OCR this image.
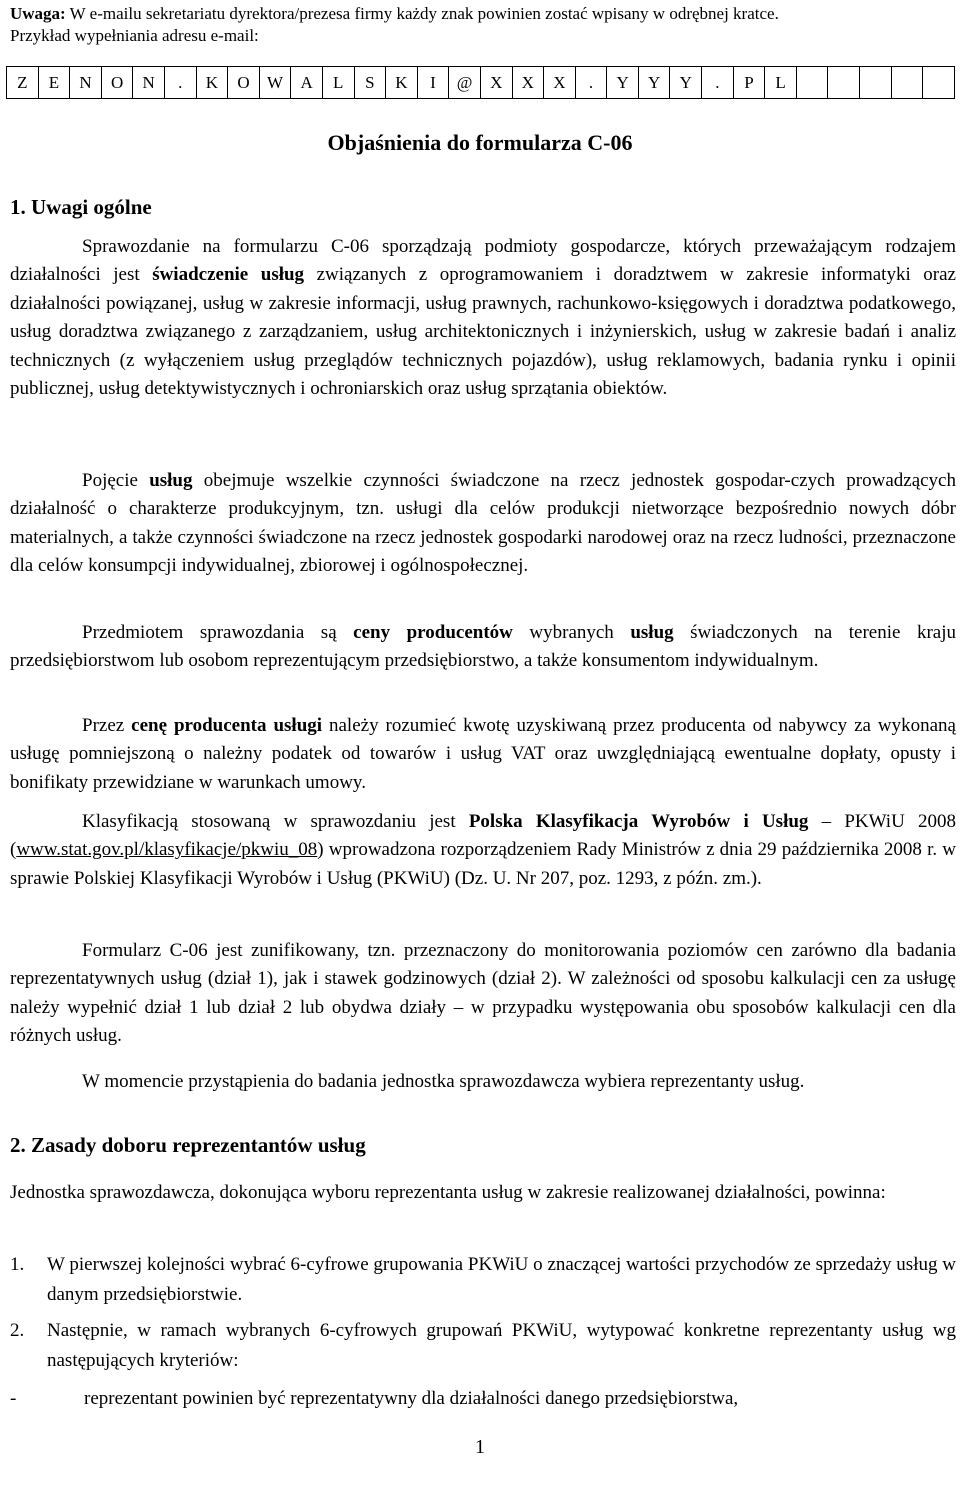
Uwaga: W e-mailu sekretariatu dyrektora/prezesa firmy każdy znak powinien zostać wpisany w odrębnej kratce.
Przykład wypełniania adresu e-mail:
Z	E	N	O	N	.	K	O	W	A	L	S	K	I	@	X	X	X	.	Y	Y	Y	.	P	L					
Objaśnienia do formularza C-06
1. Uwagi ogólne

Sprawozdanie na formularzu C-06 sporządzają podmioty gospodarcze, których przeważającym rodzajem działalności jest świadczenie usług związanych z oprogramowaniem i doradztwem w zakresie informatyki oraz działalności powiązanej, usług w zakresie informacji, usług prawnych, rachunkowo-księgowych i doradztwa podatkowego, usług doradztwa związanego z zarządzaniem, usług architektonicznych i inżynierskich, usług w zakresie badań i analiz technicznych (z wyłączeniem usług przeglądów technicznych pojazdów), usług reklamowych, badania rynku i opinii publicznej, usług detektywistycznych i ochroniarskich oraz usług sprzątania obiektów.

Pojęcie usług obejmuje wszelkie czynności świadczone na rzecz jednostek gospodar-czych prowadzących działalność o charakterze produkcyjnym, tzn. usługi dla celów produkcji nietworzące bezpośrednio nowych dóbr materialnych, a także czynności świadczone na rzecz jednostek gospodarki narodowej oraz na rzecz ludności, przeznaczone dla celów konsumpcji indywidualnej, zbiorowej i ogólnospołecznej.

Przedmiotem sprawozdania są ceny producentów wybranych usług świadczonych na terenie kraju przedsiębiorstwom lub osobom reprezentującym przedsiębiorstwo, a także konsumentom indywidualnym.

Przez cenę producenta usługi należy rozumieć kwotę uzyskiwaną przez producenta od nabywcy za wykonaną usługę pomniejszoną o należny podatek od towarów i usług VAT oraz uwzględniającą ewentualne dopłaty, opusty i bonifikaty przewidziane w warunkach umowy.

Klasyfikacją stosowaną w sprawozdaniu jest Polska Klasyfikacja Wyrobów i Usług – PKWiU 2008 (www.stat.gov.pl/klasyfikacje/pkwiu_08) wprowadzona rozporządzeniem Rady Ministrów z dnia 29 października 2008 r. w sprawie Polskiej Klasyfikacji Wyrobów i Usług (PKWiU) (Dz. U. Nr 207, poz. 1293, z późn. zm.).

Formularz C-06 jest zunifikowany, tzn. przeznaczony do monitorowania poziomów cen zarówno dla badania reprezentatywnych usług (dział 1), jak i stawek godzinowych (dział 2). W zależności od sposobu kalkulacji cen za usługę należy wypełnić dział 1 lub dział 2 lub obydwa działy – w przypadku występowania obu sposobów kalkulacji cen dla różnych usług.

W momencie przystąpienia do badania jednostka sprawozdawcza wybiera reprezentanty usług.

2. Zasady doboru reprezentantów usług

Jednostka sprawozdawcza, dokonująca wyboru reprezentanta usług w zakresie realizowanej działalności, powinna:

1. W pierwszej kolejności wybrać 6-cyfrowe grupowania PKWiU o znaczącej wartości przychodów ze sprzedaży usług w danym przedsiębiorstwie.
2. Następnie, w ramach wybranych 6-cyfrowych grupowań PKWiU, wytypować konkretne reprezentanty usług wg następujących kryteriów:
-	reprezentant powinien być reprezentatywny dla działalności danego przedsiębiorstwa,
1
